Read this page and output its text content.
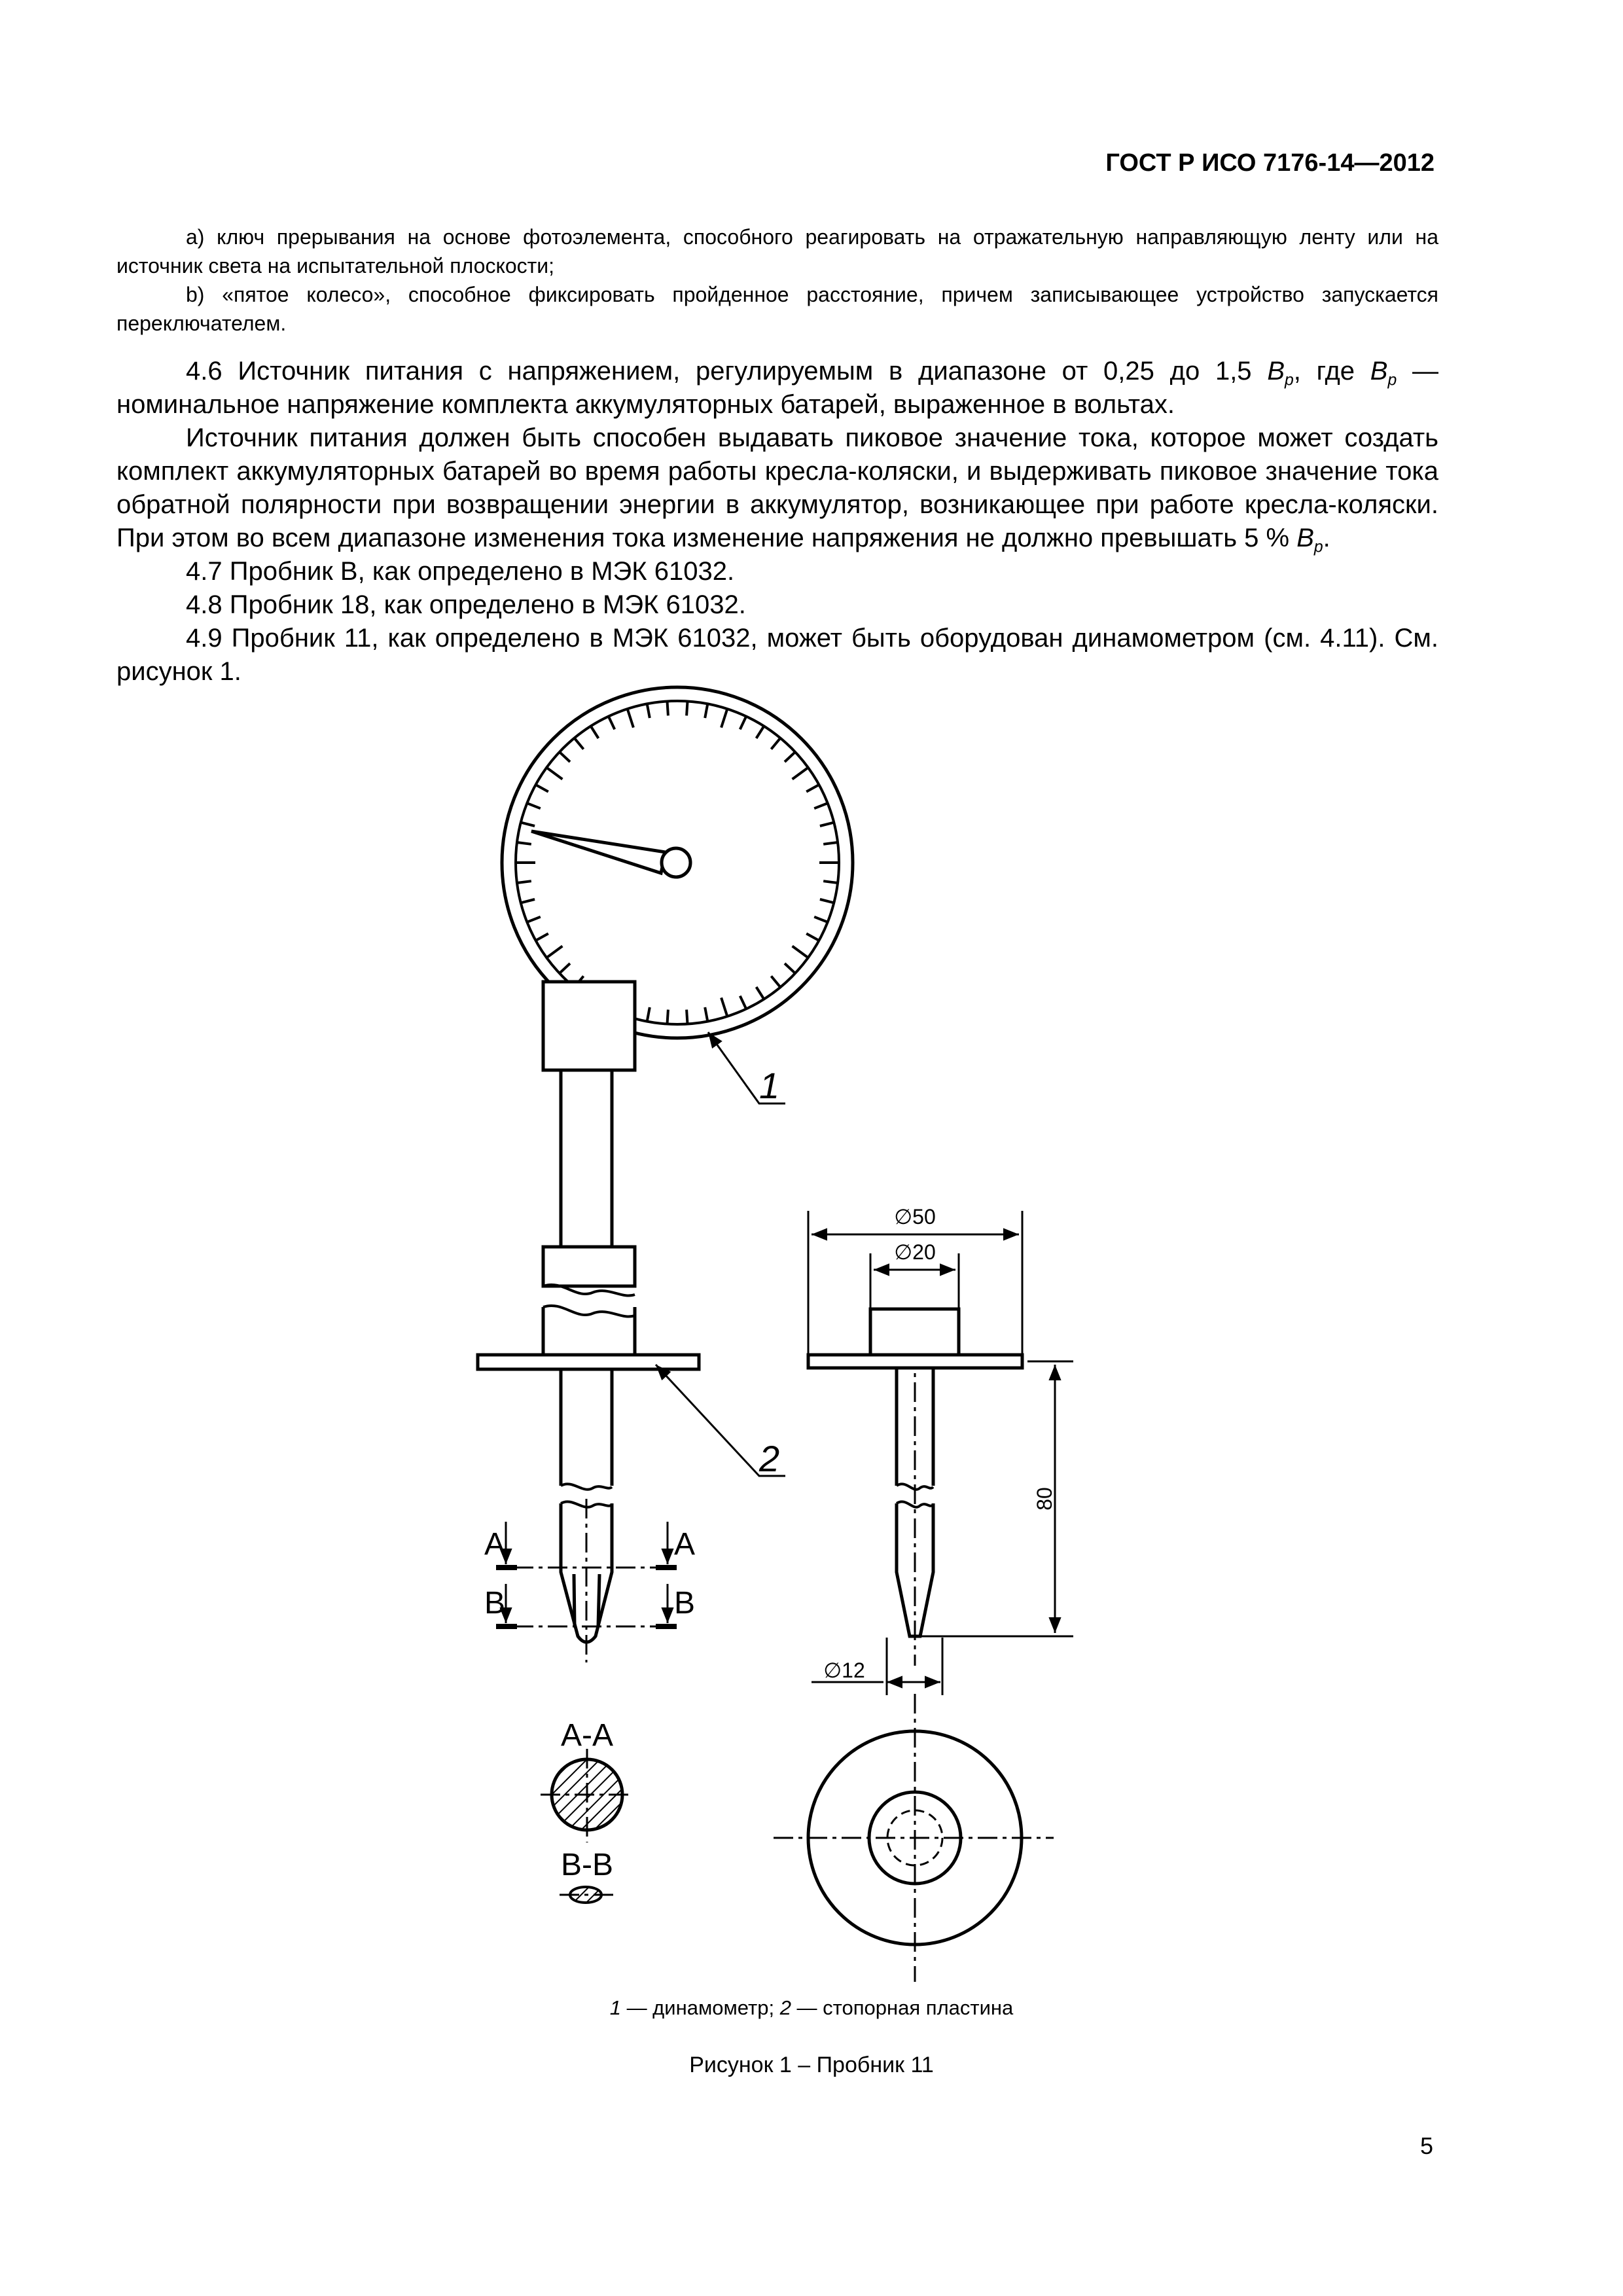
ГОСТ Р ИСО 7176-14—2012

а) ключ прерывания на основе фотоэлемента, способного реагировать на отражательную направляющую ленту или на источник света на испытательной плоскости;

b) «пятое колесо», способное фиксировать пройденное расстояние, причем записывающее устройство запускается переключателем.

4.6 Источник питания с напряжением, регулируемым в диапазоне от 0,25 до 1,5 $В_р$, где $В_р$ — номинальное напряжение комплекта аккумуляторных батарей, выраженное в вольтах.

Источник питания должен быть способен выдавать пиковое значение тока, которое может создать комплект аккумуляторных батарей во время работы кресла-коляски, и выдерживать пиковое значение тока обратной полярности при возвращении энергии в аккумулятор, возникающее при работе кресла-коляски. При этом во всем диапазоне изменения тока изменение напряжения не должно превышать 5 % $В_р$.

4.7 Пробник В, как определено в МЭК 61032.

4.8 Пробник 18, как определено в МЭК 61032.

4.9 Пробник 11, как определено в МЭК 61032, может быть оборудован динамометром (см. 4.11). См. рисунок 1.

1
2
∅50
∅20
80
∅12
A	A
B	B
A-A
B-B
1 — динамометр; 2 — стопорная пластина
Рисунок 1 – Пробник 11
5
